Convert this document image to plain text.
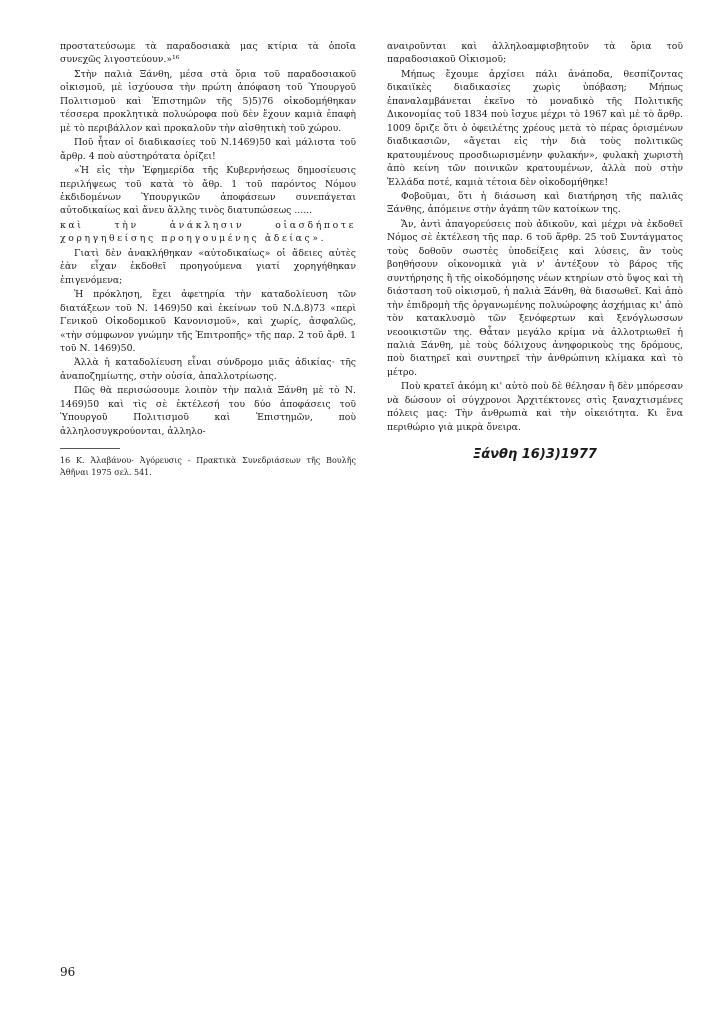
προστατεύσωμε τὰ παραδοσιακὰ μας κτίρια τὰ ὁποῖα συνεχῶς λιγοστεύουν.»¹⁶

Στὴν παλιὰ Ξάνθη, μέσα στὰ ὅρια τοῦ παραδοσιακοῦ οἰκισμοῦ, μὲ ἰσχύουσα τὴν πρώτη ἀπόφαση τοῦ Ὑπουργοῦ Πολιτισμοῦ καὶ Ἐπιστημῶν τῆς 5)5)76 οἰκοδομήθηκαν τέσσερα προκλητικὰ πολυώροφα ποὺ δὲν ἔχουν καμιὰ ἐπαφὴ μὲ τὸ περιβάλλον καὶ προκαλοῦν τὴν αἰσθητικὴ τοῦ χώρου.

Ποῦ ἦταν οἱ διαδικασίες τοῦ Ν.1469)50 καὶ μάλιστα τοῦ ἄρθρ. 4 ποὺ αὐστηρότατα ὁρίζει!

«Ἡ εἰς τὴν Ἐφημερίδα τῆς Κυβερνήσεως δημοσίευσις περιλήψεως τοῦ κατὰ τὸ ἄθρ. 1 τοῦ παρόντος Νόμου ἐκδιδομένων Ὑπουργικῶν ἀποφάσεων συνεπάγεται αὐτοδικαίως καὶ ἄνευ ἄλλης τινὸς διατυπώσεως ......

καὶ τὴν ἀνάκλησιν οἱασδήποτε χορηγηθείσης προηγουμένης ἀδείας».

Γιατὶ δὲν ἀνακλήθηκαν «αὐτοδικαίως» οἱ ἄδειες αὐτὲς ἐὰν εἶχαν ἐκδοθεῖ προηγούμενα γιατί χορηγήθηκαν ἐπιγενόμενα;

Ἡ πρόκληση, ἔχει ἀφετηρία τὴν καταδολίευση τῶν διατάξεων τοῦ Ν. 1469)50 καὶ ἐκείνων τοῦ Ν.Δ.8)73 «περὶ Γενικοῦ Οἰκοδομικοῦ Κανονισμοῦ», καὶ χωρίς, ἀσφαλῶς, «τὴν σύμφωνον γνώμην τῆς Ἐπιτροπῆς» τῆς παρ. 2 τοῦ ἄρθ. 1 τοῦ Ν. 1469)50.

Ἀλλὰ ἡ καταδολίευση εἶναι σύνδρομο μιᾶς ἀδικίας· τῆς ἀναποζημίωτης, στὴν οὐσία, ἀπαλλοτρίωσης.

Πῶς θὰ περισώσουμε λοιπὸν τὴν παλιὰ Ξάνθη μὲ τὸ Ν. 1469)50 καὶ τὶς σὲ ἐκτέλεσή του δύο ἀποφάσεις τοῦ Ὑπουργοῦ Πολιτισμοῦ καὶ Ἐπιστημῶν, ποὺ ἀλληλοσυγκρούονται, ἀλληλο-

16 Κ. Ἀλαβάνου- Ἀγόρευσις - Πρακτικὰ Συνεδριάσεων τῆς Βουλῆς Ἀθῆναι 1975 σελ. 541.

αναιροῦνται καὶ ἀλληλοαμφισβητοῦν τὰ ὅρια τοῦ παραδοσιακοῦ Οἰκισμοῦ;

Μήπως ἔχουμε ἀρχίσει πάλι ἀνάποδα, θεσπίζοντας δικαιϊκὲς διαδικασίες χωρὶς ὑπόβαση; Μήπως ἐπαναλαμβάνεται ἐκεῖνο τὸ μοναδικὸ τῆς Πολιτικῆς Δικονομίας τοῦ 1834 ποὺ ἴσχυε μέχρι τὸ 1967 καὶ μὲ τὸ ἄρθρ. 1009 ὅριζε ὅτι ὁ ὀφειλέτης χρέους μετὰ τὸ πέρας ὁρισμένων διαδικασιῶν, «ἄγεται εἰς τὴν διὰ τοὺς πολιτικῶς κρατουμένους προσδιωρισμένην φυλακήν», φυλακὴ χωριστὴ ἀπὸ κείνη τῶν ποινικῶν κρατουμένων, ἀλλὰ ποὺ στὴν Ἑλλάδα ποτέ, καμιὰ τέτοια δὲν οἰκοδομήθηκε!

Φοβοῦμαι, ὅτι ἡ διάσωση καὶ διατήρηση τῆς παλιᾶς Ξάνθης, ἀπόμεινε στὴν ἀγάπη τῶν κατοίκων της.

Ἄν, ἀντὶ ἀπαγορεύσεις ποὺ ἀδικοῦν, καὶ μέχρι νὰ ἐκδοθεῖ Νόμος σὲ ἐκτέλεση τῆς παρ. 6 τοῦ ἄρθρ. 25 τοῦ Συντάγματος τοὺς δοθοῦν σωστὲς ὑποδείξεις καὶ λύσεις, ἂν τοὺς βοηθήσουν οἰκονομικὰ γιὰ ν' ἀντέξουν τὸ βάρος τῆς συντήρησης ἢ τῆς οἰκοδόμησης νέων κτηρίων στὸ ὕψος καὶ τὴ διάσταση τοῦ οἰκισμοῦ, ἡ παλιὰ Ξάνθη, θὰ διασωθεῖ. Καὶ ἀπὸ τὴν ἐπιδρομὴ τῆς ὀργανωμένης πολυώροφης ἀσχήμιας κι' ἀπὸ τὸν κατακλυσμὸ τῶν ξενόφερτων καὶ ξενόγλωσσων νεοοικιστῶν της. Θἆταν μεγάλο κρίμα νὰ ἀλλοτριωθεῖ ἡ παλιὰ Ξάνθη, μὲ τοὺς δόλιχους ἀνηφορικοὺς της δρόμους, ποὺ διατηρεῖ καὶ συντηρεῖ τὴν ἀνθρώπινη κλίμακα καὶ τὸ μέτρο.

Ποὺ κρατεῖ ἀκόμη κι' αὐτὸ ποὺ δὲ θέλησαν ἢ δὲν μπόρεσαν νὰ δώσουν οἱ σύγχρονοι Ἀρχιτέκτονες στὶς ξαναχτισμένες πόλεις μας: Τὴν ἀνθρωπιὰ καὶ τὴν οἰκειότητα. Κι ἕνα περιθώριο γιὰ μικρὰ ὄνειρα.

Ξάνθη 16)3)1977
96
